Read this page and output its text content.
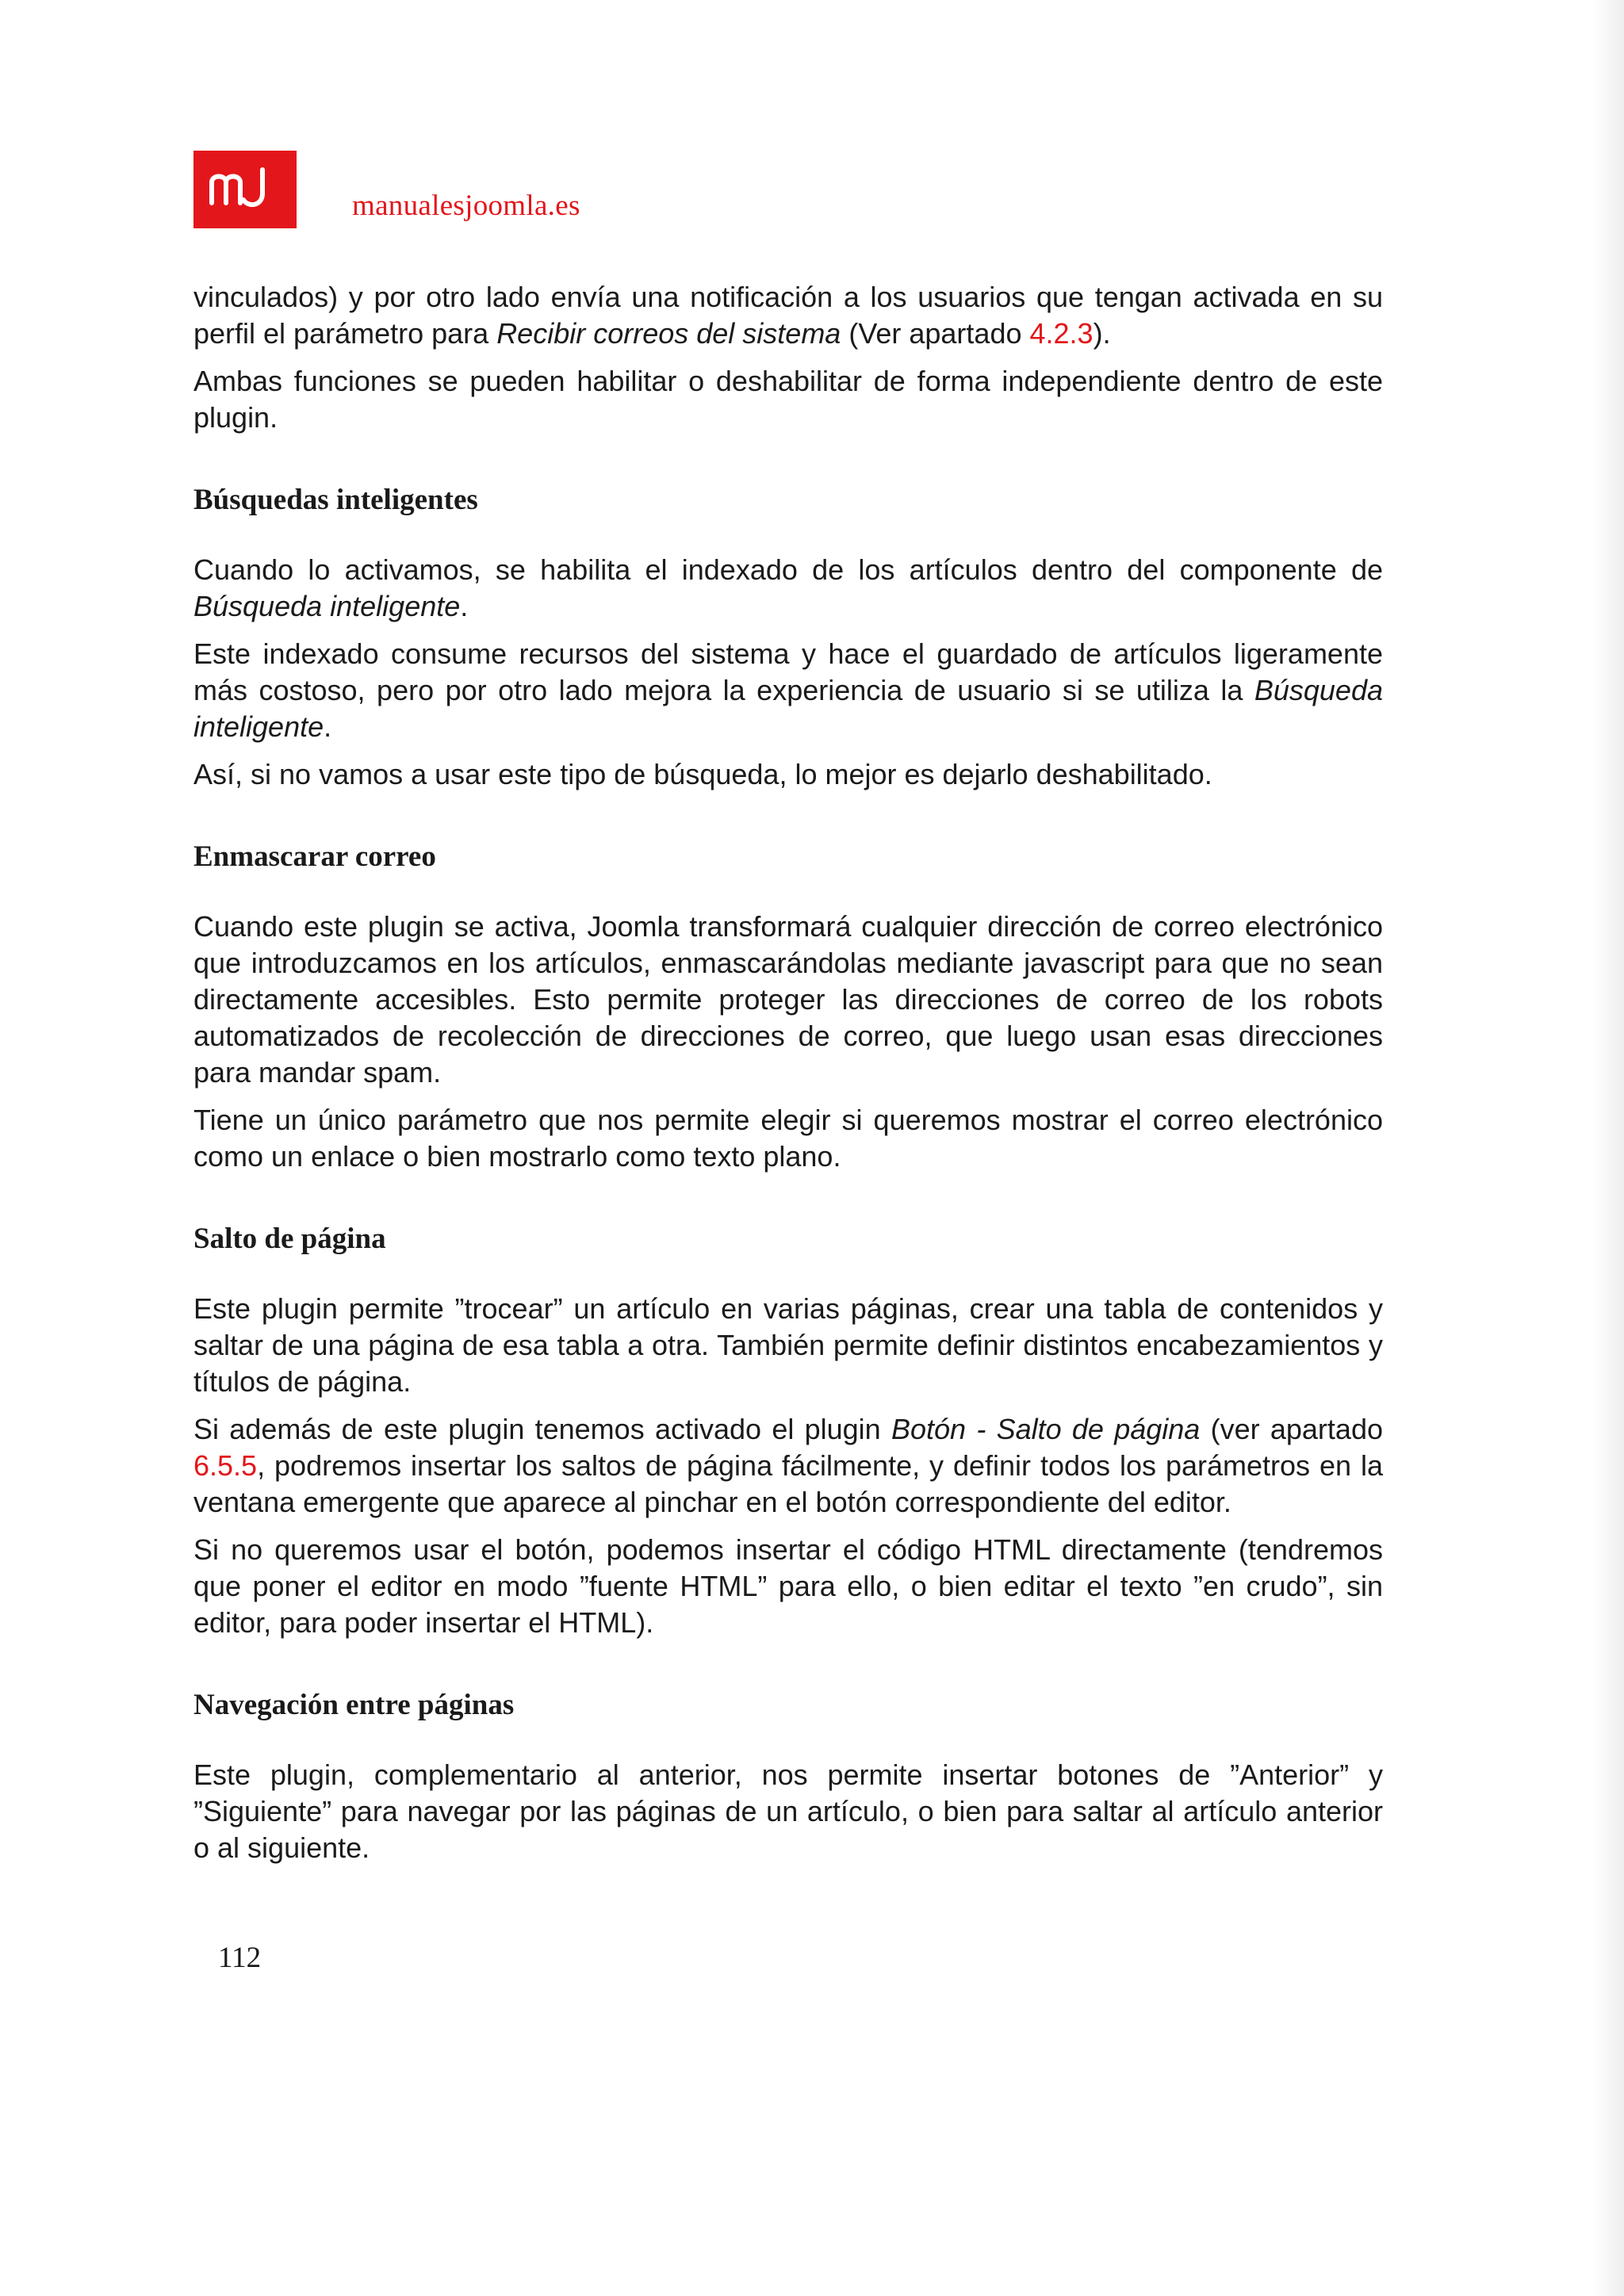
manualesjoomla.es

vinculados) y por otro lado envía una notificación a los usuarios que tengan activada en su perfil el parámetro para Recibir correos del sistema (Ver apartado 4.2.3).

Ambas funciones se pueden habilitar o deshabilitar de forma independiente dentro de este plugin.

Búsquedas inteligentes

Cuando lo activamos, se habilita el indexado de los artículos dentro del componente de Búsqueda inteligente.

Este indexado consume recursos del sistema y hace el guardado de artículos ligeramente más costoso, pero por otro lado mejora la experiencia de usuario si se utiliza la Búsqueda inteligente.

Así, si no vamos a usar este tipo de búsqueda, lo mejor es dejarlo deshabilitado.

Enmascarar correo

Cuando este plugin se activa, Joomla transformará cualquier dirección de correo electrónico que introduzcamos en los artículos, enmascarándolas mediante javascript para que no sean directamente accesibles. Esto permite proteger las direcciones de correo de los robots automatizados de recolección de direcciones de correo, que luego usan esas direcciones para mandar spam.

Tiene un único parámetro que nos permite elegir si queremos mostrar el correo electrónico como un enlace o bien mostrarlo como texto plano.

Salto de página

Este plugin permite ”trocear” un artículo en varias páginas, crear una tabla de contenidos y saltar de una página de esa tabla a otra. También permite definir distintos encabezamientos y títulos de página.

Si además de este plugin tenemos activado el plugin Botón - Salto de página (ver apartado 6.5.5, podremos insertar los saltos de página fácilmente, y definir todos los parámetros en la ventana emergente que aparece al pinchar en el botón correspondiente del editor.

Si no queremos usar el botón, podemos insertar el código HTML directamente (tendremos que poner el editor en modo ”fuente HTML” para ello, o bien editar el texto ”en crudo”, sin editor, para poder insertar el HTML).

Navegación entre páginas

Este plugin, complementario al anterior, nos permite insertar botones de ”Anterior” y ”Siguiente” para navegar por las páginas de un artículo, o bien para saltar al artículo anterior o al siguiente.

112
